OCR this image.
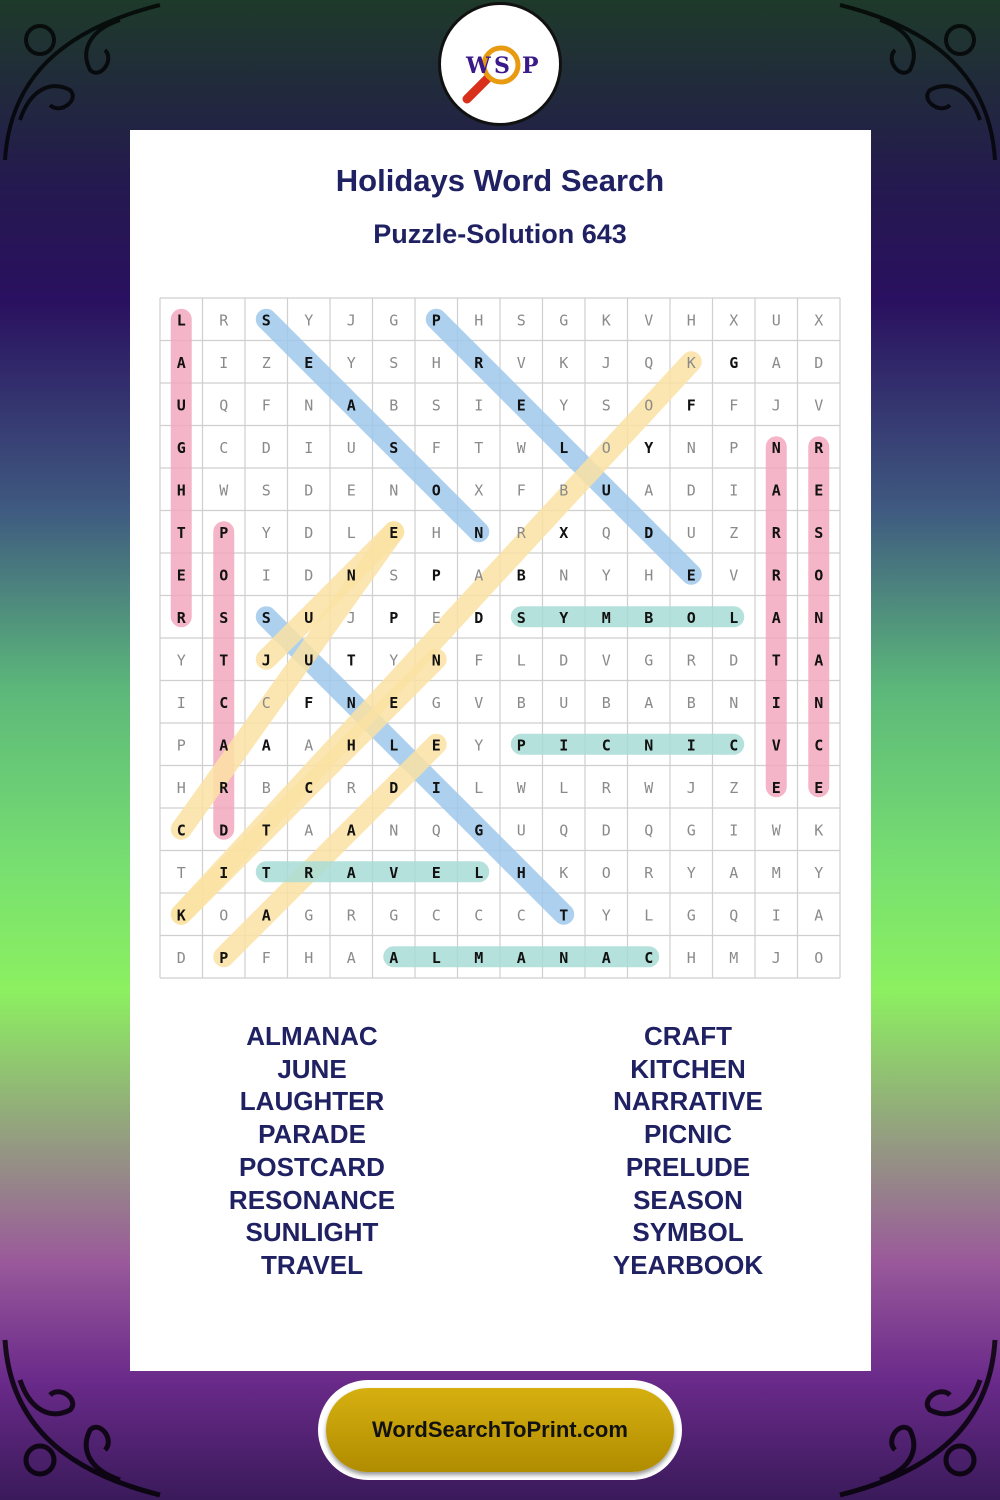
W S P
Holidays Word Search
Puzzle-Solution 643
L R S Y J G P H S G K V H X U X
A I Z E Y S H R V K J Q K G A D
U Q F N A B S I E Y S O F F J V
G C D I U S F T W L O Y N P N R
H W S D E N O X F B U A D I A E
T P Y D L E H N R X Q D U Z R S
E O I D N S P A B N Y H E V R O
R S S U J P E D S Y M B O L A N
Y T J U T Y N F L D V G R D T A
I C C F N E G V B U B A B N I N
P A A A H L E Y P I C N I C V C
H R B C R D I L W L R W J Z E E
C D T A A N Q G U Q D Q G I W K
T I T R A V E L H K O R Y A M Y
K O A G R G C C C T Y L G Q I A
D P F H A A L M A N A C H M J O
ALMANAC
JUNE
LAUGHTER
PARADE
POSTCARD
RESONANCE
SUNLIGHT
TRAVEL
CRAFT
KITCHEN
NARRATIVE
PICNIC
PRELUDE
SEASON
SYMBOL
YEARBOOK
WordSearchToPrint.com
